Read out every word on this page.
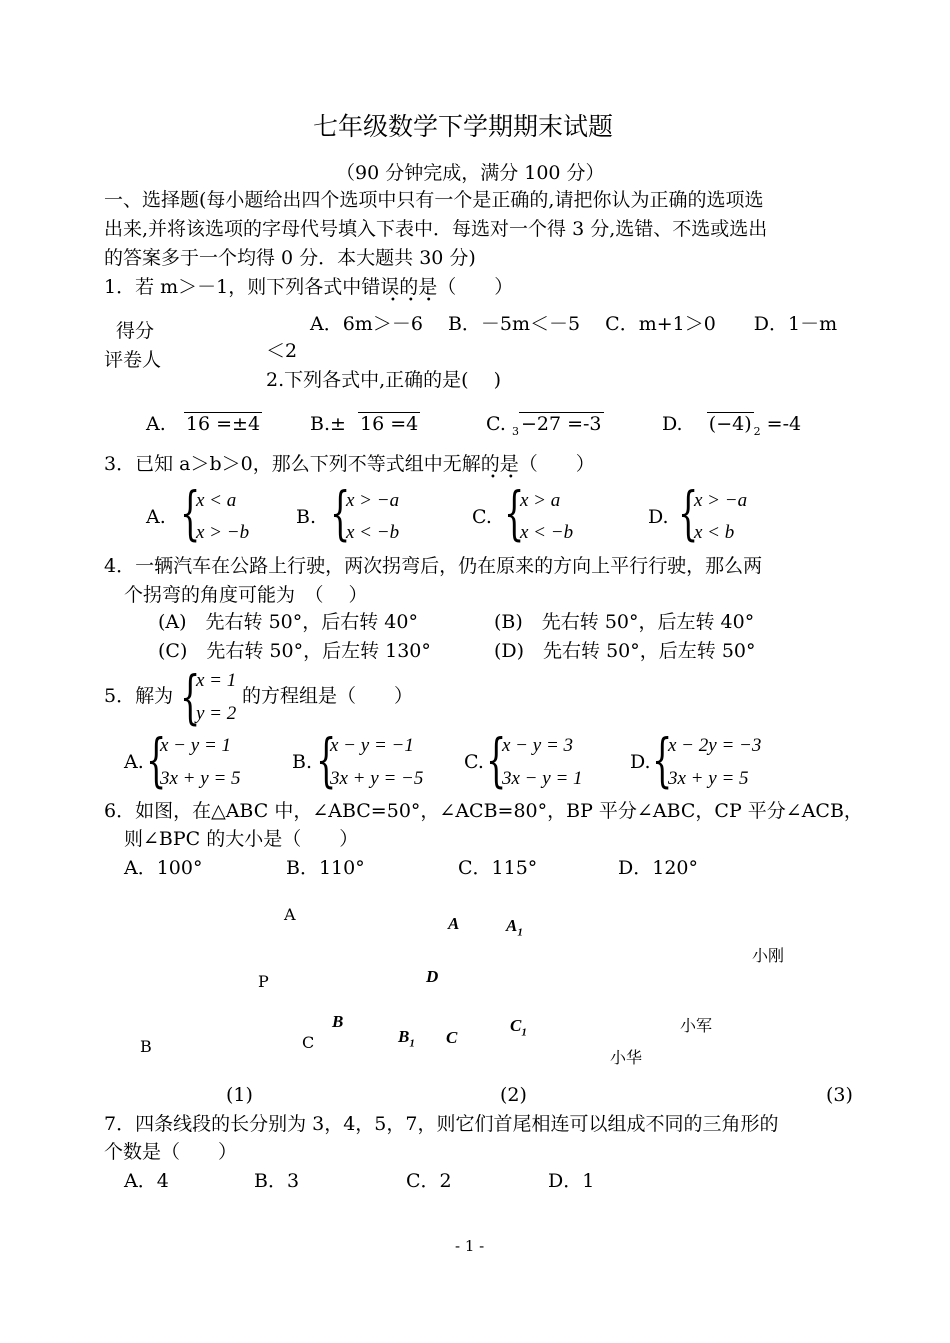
七年级数学下学期期末试题
（90 分钟完成，满分 100 分）
一、选择题(每小题给出四个选项中只有一个是正确的,请把你认为正确的选项选
出来,并将该选项的字母代号填入下表中．每选对一个得 3 分,选错、不选或选出
的答案多于一个均得 0 分．本大题共 30 分)
1．若 m＞－1，则下列各式中错误的是（　　）
•••
得分	A．6m＞－6　 B．－5m＜－5　 C．m+1＞0　　D．1－m
评卷人	＜2
2.下列各式中,正确的是(　 )
A. 16 =±4	B.± 16 =4	C. $_3$ −27 =-3	D. (−4) $_2$ =-4
3．已知 a＞b＞0，那么下列不等式组中无解的是（　　）
••
A. {
x < a
x > −b
B. {
x > −a
x < −b
C. {
x > a
x < −b
D. {
x > −a
x < b
4．一辆汽车在公路上行驶，两次拐弯后，仍在原来的方向上平行行驶，那么两
个拐弯的角度可能为　（　 ）
(A)　先右转 50°，后右转 40°	(B)　先右转 50°，后左转 40°
(C)　先右转 50°，后左转 130°	(D)　先右转 50°，后左转 50°
5．解为 {
x = 1
y = 2
的方程组是（　　）
A. {
x − y = 1
3x + y = 5
B. {
x − y = −1
3x + y = −5
C. {
x − y = 3
3x − y = 1
D. {
x − 2y = −3
3x + y = 5
6．如图，在△ABC 中，∠ABC=50°，∠ACB=80°，BP 平分∠ABC，CP 平分∠ACB，
则∠BPC 的大小是（　　）
A．100°	B．110°	C．115°	D．120°
A
P
B	C
(1)
A	$A_1$
D
B
$B_1$ C
$C_1$
(2)
小刚
小军
小华
(3)
7．四条线段的长分别为 3，4，5，7，则它们首尾相连可以组成不同的三角形的
个数是（　　）
A．4	B．3	C．2	D．1
- 1 -
